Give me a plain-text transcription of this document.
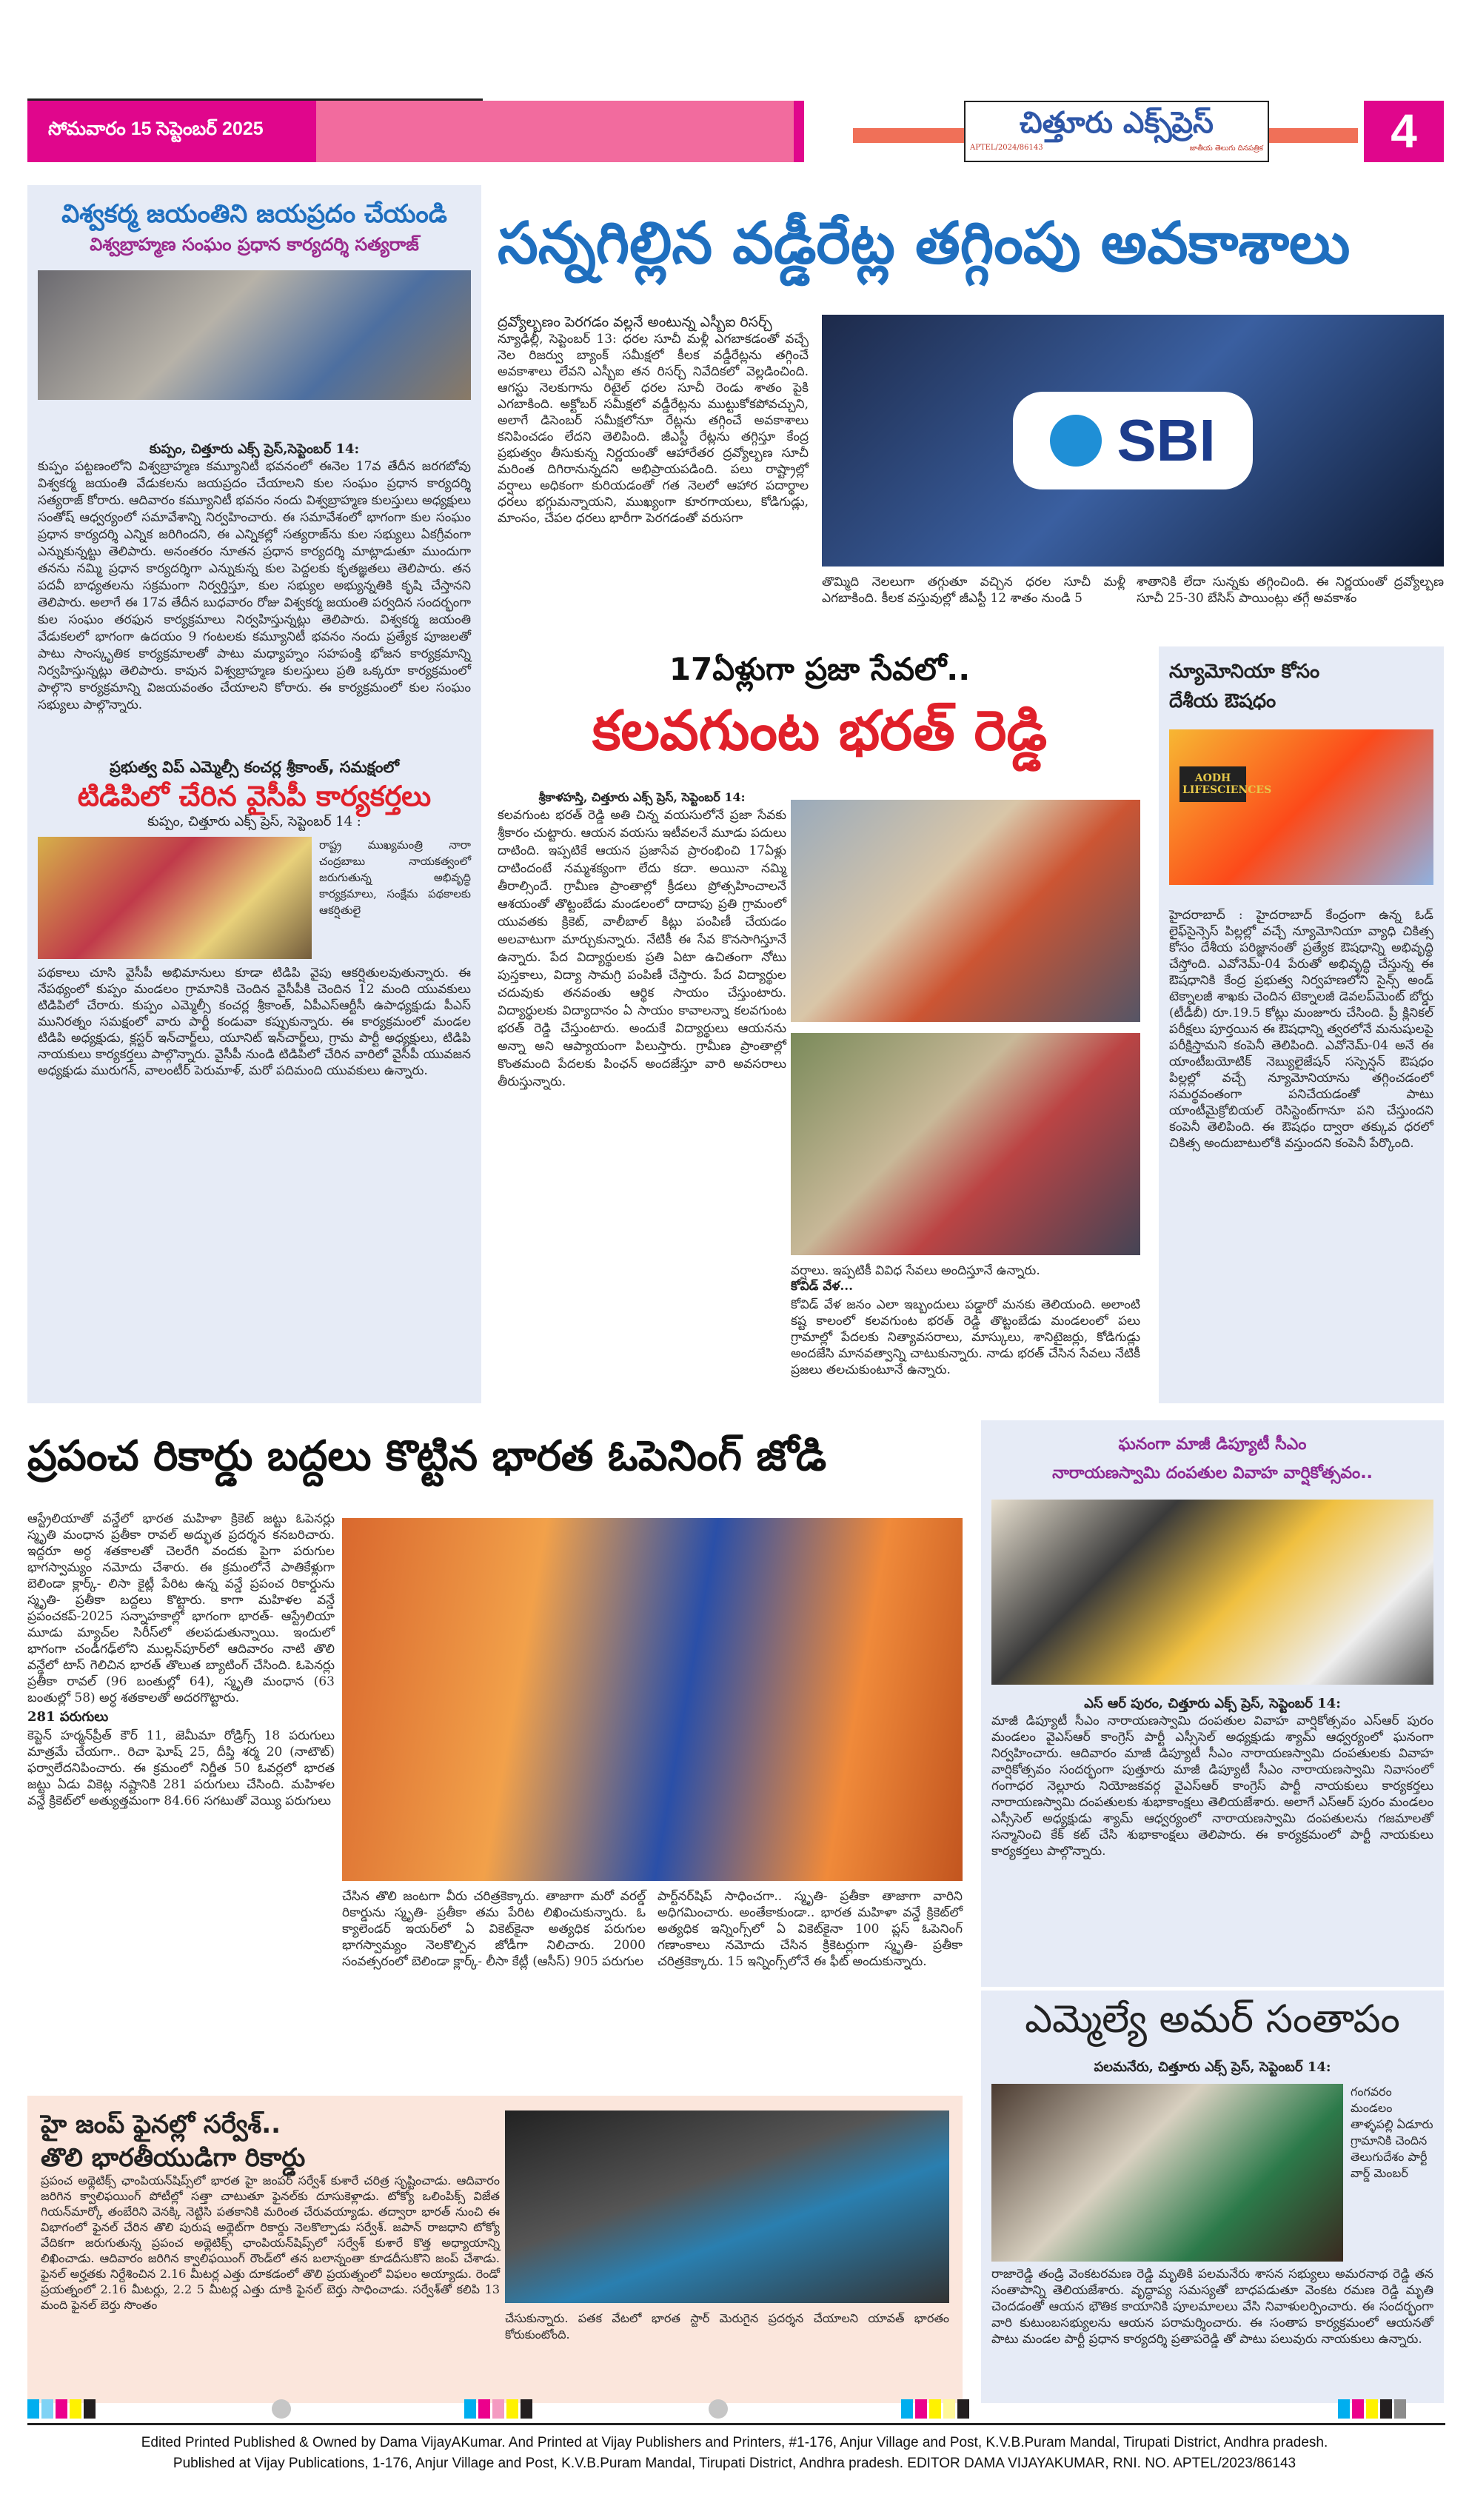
సోమవారం 15 సెప్టెంబర్ 2025	చిత్తూరు ఎక్స్‌ప్రెస్
APTEL/2024/86143	జాతీయ తెలుగు దినపత్రిక	4
విశ్వకర్మ జయంతిని జయప్రదం చేయండి
విశ్వబ్రాహ్మణ సంఘం ప్రధాన కార్యదర్శి సత్యరాజ్
కుప్పం, చిత్తూరు ఎక్స్ ప్రెస్,సెప్టెంబర్ 14:
కుప్పం పట్టణంలోని విశ్వబ్రాహ్మణ కమ్యూనిటీ భవనంలో ఈనెల 17వ తేదీన జరగబోవు విశ్వకర్మ జయంతి వేడుకలను జయప్రదం చేయాలని కుల సంఘం ప్రధాన కార్యదర్శి సత్యరాజ్ కోరారు. ఆదివారం కమ్యూనిటీ భవనం నందు విశ్వబ్రాహ్మణ కులస్తులు అధ్యక్షులు సంతోష్ ఆధ్వర్యంలో సమావేశాన్ని నిర్వహించారు. ఈ సమావేశంలో భాగంగా కుల సంఘం ప్రధాన కార్యదర్శి ఎన్నిక జరిగిందని, ఈ ఎన్నికల్లో సత్యరాజ్‌ను కుల సభ్యులు ఏకగ్రీవంగా ఎన్నుకున్నట్టు తెలిపారు. అనంతరం నూతన ప్రధాన కార్యదర్శి మాట్లాడుతూ ముందుగా తనను నమ్మి ప్రధాన కార్యదర్శిగా ఎన్నుకున్న కుల పెద్దలకు కృతజ్ఞతలు తెలిపారు. తన పదవీ బాధ్యతలను సక్రమంగా నిర్వర్తిస్తూ, కుల సభ్యుల అభ్యున్నతికి కృషి చేస్తానని తెలిపారు. అలాగే ఈ 17వ తేదీన బుధవారం రోజు విశ్వకర్మ జయంతి పర్వదిన సందర్భంగా కుల సంఘం తరఫున కార్యక్రమాలు నిర్వహిస్తున్నట్లు తెలిపారు. విశ్వకర్మ జయంతి వేడుకలలో భాగంగా ఉదయం 9 గంటలకు కమ్యూనిటీ భవనం నందు ప్రత్యేక పూజలతో పాటు సాంస్కృతిక కార్యక్రమాలతో పాటు మధ్యాహ్నం సహపంక్తి భోజన కార్యక్రమాన్ని నిర్వహిస్తున్నట్లు తెలిపారు. కావున విశ్వబ్రాహ్మణ కులస్తులు ప్రతి ఒక్కరూ కార్యక్రమంలో పాల్గొని కార్యక్రమాన్ని విజయవంతం చేయాలని కోరారు. ఈ కార్యక్రమంలో కుల సంఘం సభ్యులు పాల్గొన్నారు.
ప్రభుత్వ విప్ ఎమ్మెల్సీ కంచర్ల శ్రీకాంత్, సమక్షంలో
టిడిపిలో చేరిన వైసీపీ కార్యకర్తలు
కుప్పం, చిత్తూరు ఎక్స్ ప్రెస్, సెప్టెంబర్ 14 :
రాష్ట్ర ముఖ్యమంత్రి నారా చంద్రబాబు నాయకత్వంలో జరుగుతున్న అభివృద్ధి కార్యక్రమాలు, సంక్షేమ పథకాలకు ఆకర్షితులై
పథకాలు చూసి వైసీపీ అభిమానులు కూడా టిడిపి వైపు ఆకర్షితులవుతున్నారు. ఈ నేపథ్యంలో కుప్పం మండలం గ్రామానికి చెందిన వైసీపీకి చెందిన 12 మంది యువకులు టిడిపిలో చేరారు. కుప్పం ఎమ్మెల్సీ కంచర్ల శ్రీకాంత్, ఏపీఎస్ఆర్టీసీ ఉపాధ్యక్షుడు పీఎస్ మునిరత్నం సమక్షంలో వారు పార్టీ కండువా కప్పుకున్నారు. ఈ కార్యక్రమంలో మండల టిడిపి అధ్యక్షుడు, క్లస్టర్ ఇన్‌చార్జ్‌లు, యూనిట్ ఇన్‌చార్జ్‌లు, గ్రామ పార్టీ అధ్యక్షులు, టిడిపి నాయకులు కార్యకర్తలు పాల్గొన్నారు. వైసీపీ నుండి టిడిపిలో చేరిన వారిలో వైసీపీ యువజన అధ్యక్షుడు మురుగన్, వాలంటీర్ పెరుమాళ్, మరో పదిమంది యువకులు ఉన్నారు.
సన్నగిల్లిన వడ్డీరేట్ల తగ్గింపు అవకాశాలు
ద్రవ్యోల్బణం పెరగడం వల్లనే అంటున్న ఎస్బీఐ రిసర్చ్
న్యూఢిల్లీ, సెప్టెంబర్ 13: ధరల సూచీ మళ్లీ ఎగబాకడంతో వచ్చే నెల రిజర్వు బ్యాంక్ సమీక్షలో కీలక వడ్డీరేట్లను తగ్గించే అవకాశాలు లేవని ఎస్బీఐ తన రిసర్చ్ నివేదికలో వెల్లడించింది. ఆగస్టు నెలకుగాను రిటైల్ ధరల సూచీ రెండు శాతం పైకి ఎగబాకింది. అక్టోబర్ సమీక్షలో వడ్డీరేట్లను ముట్టుకోకపోవచ్చుని, అలాగే డిసెంబర్ సమీక్షలోనూ రేట్లను తగ్గించే అవకాశాలు కనిపించడం లేదని తెలిపింది. జీఎస్టీ రేట్లను తగ్గిస్తూ కేంద్ర ప్రభుత్వం తీసుకున్న నిర్ణయంతో ఆహారేతర ద్రవ్యోల్బణ సూచీ మరింత దిగిరానున్నదని అభిప్రాయపడింది. పలు రాష్ట్రాల్లో వర్షాలు అధికంగా కురియడంతో గత నెలలో ఆహార పదార్థాల ధరలు భగ్గుమన్నాయని, ముఖ్యంగా కూరగాయలు, కోడిగుడ్లు, మాంసం, చేపల ధరలు భారీగా పెరగడంతో వరుసగా
SBI
తొమ్మిది నెలలుగా తగ్గుతూ వచ్చిన ధరల సూచీ మళ్లీ ఎగబాకింది. కీలక వస్తువుల్లో జీఎస్టీ 12 శాతం నుండి 5
శాతానికి లేదా సున్నకు తగ్గించింది. ఈ నిర్ణయంతో ద్రవ్యోల్బణ సూచీ 25-30 బేసిస్ పాయింట్లు తగ్గే అవకాశం
17ఏళ్లుగా ప్రజా సేవలో..
కలవగుంట భరత్ రెడ్డి
శ్రీకాళహస్తి, చిత్తూరు ఎక్స్ ప్రెస్, సెప్టెంబర్ 14:
కలవగుంట భరత్ రెడ్డి అతి చిన్న వయసులోనే ప్రజా సేవకు శ్రీకారం చుట్టారు. ఆయన వయసు ఇటీవలనే మూడు పదులు దాటింది. ఇప్పటికే ఆయన ప్రజాసేవ ప్రారంభించి 17ఏళ్లు దాటిందంటే నమ్మశక్యంగా లేదు కదా. అయినా నమ్మి తీరాల్సిందే. గ్రామీణ ప్రాంతాల్లో క్రీడలు ప్రోత్సహించాలనే ఆశయంతో తొట్టంబేడు మండలంలో దాదాపు ప్రతి గ్రామంలో యువతకు క్రికెట్, వాలీబాల్ కిట్లు పంపిణీ చేయడం అలవాటుగా మార్చుకున్నారు. నేటికీ ఈ సేవ కొనసాగిస్తూనే ఉన్నారు. పేద విద్యార్థులకు ప్రతి ఏటా ఉచితంగా నోటు పుస్తకాలు, విద్యా సామగ్రి పంపిణీ చేస్తారు. పేద విద్యార్థుల చదువుకు తనవంతు ఆర్థిక సాయం చేస్తుంటారు. విద్యార్థులకు విద్యాదానం ఏ సాయం కావాలన్నా కలవగుంట భరత్ రెడ్డి చేస్తుంటారు. అందుకే విద్యార్థులు ఆయనను అన్నా అని ఆప్యాయంగా పిలుస్తారు. గ్రామీణ ప్రాంతాల్లో కొంతమంది పేదలకు పింఛన్ అందజేస్తూ వారి అవసరాలు తీరుస్తున్నారు.
వర్షాలు. ఇప్పటికీ వివిధ సేవలు అందిస్తూనే ఉన్నారు.
కోవిడ్ వేళ...
కోవిడ్ వేళ జనం ఎలా ఇబ్బందులు పడ్డారో మనకు తెలియంది. అలాంటి కష్ట కాలంలో కలవగుంట భరత్ రెడ్డి తొట్టంబేడు మండలంలో పలు గ్రామాల్లో పేదలకు నిత్యావసరాలు, మాస్కులు, శానిటైజర్లు, కోడిగుడ్లు అందజేసి మానవత్వాన్ని చాటుకున్నారు. నాడు భరత్ చేసిన సేవలు నేటికీ ప్రజలు తలచుకుంటూనే ఉన్నారు.
న్యూమోనియా కోసం
దేశీయ ఔషధం
AODH LIFESCIENCES
హైదరాబాద్ : హైదరాబాద్ కేంద్రంగా ఉన్న ఓడ్ లైఫ్‌సైన్సెస్ పిల్లల్లో వచ్చే న్యూమోనియా వ్యాధి చికిత్స కోసం దేశీయ పరిజ్ఞానంతో ప్రత్యేక ఔషధాన్ని అభివృద్ధి చేస్తోంది. ఎవోనెమ్-04 పేరుతో అభివృద్ధి చేస్తున్న ఈ ఔషధానికి కేంద్ర ప్రభుత్వ నిర్వహణలోని సైన్స్ అండ్ టెక్నాలజీ శాఖకు చెందిన టెక్నాలజీ డెవలప్‌మెంట్ బోర్డు (టీడీబీ) రూ.19.5 కోట్లు మంజూరు చేసింది. ప్రీ క్లినికల్ పరీక్షలు పూర్తయిన ఈ ఔషధాన్ని త్వరలోనే మనుషులపై పరీక్షిస్తామని కంపెనీ తెలిపింది. ఎవోనెమ్-04 అనే ఈ యాంటీబయోటిక్ నెబ్యులైజేషన్ సస్పెన్షన్ ఔషధం పిల్లల్లో వచ్చే న్యూమోనియాను తగ్గించడంలో సమర్థవంతంగా పనిచేయడంతో పాటు యాంటీమైక్రోబియల్ రెసిస్టెంట్‌గానూ పని చేస్తుందని కంపెనీ తెలిపింది. ఈ ఔషధం ద్వారా తక్కువ ధరలో చికిత్స అందుబాటులోకి వస్తుందని కంపెనీ పేర్కొంది.
ప్రపంచ రికార్డు బద్దలు కొట్టిన భారత ఓపెనింగ్ జోడి
ఆస్ట్రేలియాతో వన్డేలో భారత మహిళా క్రికెట్ జట్టు ఓపెనర్లు స్మృతి మంధాన ప్రతీకా రావల్ అద్భుత ప్రదర్శన కనబరిచారు. ఇద్దరూ అర్ధ శతకాలతో చెలరేగి వందకు పైగా పరుగుల భాగస్వామ్యం నమోదు చేశారు. ఈ క్రమంలోనే పాతికేళ్లుగా బెలిండా క్లార్క్- లిసా కైట్లీ పేరిట ఉన్న వన్డే ప్రపంచ రికార్డును స్మృతి- ప్రతీకా బద్దలు కొట్టారు. కాగా మహిళల వన్డే ప్రపంచకప్-2025 సన్నాహకాల్లో భాగంగా భారత్- ఆస్ట్రేలియా మూడు మ్యాచ్‌ల సిరీస్‌లో తలపడుతున్నాయి. ఇందులో భాగంగా చండీగఢ్‌లోని ముల్లన్‌పూర్‌లో ఆదివారం నాటి తొలి వన్డేలో టాస్ గెలిచిన భారత్ తొలుత బ్యాటింగ్ చేసింది. ఓపెనర్లు ప్రతీకా రావల్ (96 బంతుల్లో 64), స్మృతి మంధాన (63 బంతుల్లో 58) అర్ధ శతకాలతో అదరగొట్టారు.
281 పరుగులు
కెప్టెన్ హర్మన్‌ప్రీత్ కౌర్ 11, జెమీమా రోడ్రిగ్స్ 18 పరుగులు మాత్రమే చేయగా.. రిచా ఘోష్ 25, దీప్తి శర్మ 20 (నాటౌట్) ఫర్వాలేదనిపించారు. ఈ క్రమంలో నిర్ణీత 50 ఓవర్లలో భారత జట్టు ఏడు వికెట్ల నష్టానికి 281 పరుగులు చేసింది. మహిళల వన్డే క్రికెట్‌లో అత్యుత్తమంగా 84.66 సగటుతో వెయ్యి పరుగులు
చేసిన తొలి జంటగా వీరు చరిత్రకెక్కారు. తాజాగా మరో వరల్డ్ రికార్డును స్మృతి- ప్రతీకా తమ పేరిట లిఖించుకున్నారు. ఓ క్యాలెండర్ ఇయర్‌లో ఏ వికెట్‌కైనా అత్యధిక పరుగుల భాగస్వామ్యం నెలకొల్పిన జోడీగా నిలిచారు. 2000 సంవత్సరంలో బెలిండా క్లార్క్- లీసా కేట్లీ (ఆసీస్) 905 పరుగుల
పార్ట్‌నర్‌షిప్ సాధించగా.. స్మృతి- ప్రతీకా తాజాగా వారిని అధిగమించారు. అంతేకాకుండా.. భారత మహిళా వన్డే క్రికెట్‌లో అత్యధిక ఇన్నింగ్స్‌లో ఏ వికెట్‌కైనా 100 ప్లస్ ఓపెనింగ్ గణాంకాలు నమోదు చేసిన క్రికెటర్లుగా స్మృతి- ప్రతీకా చరిత్రకెక్కారు. 15 ఇన్నింగ్స్‌లోనే ఈ ఫీట్ అందుకున్నారు.
హై జంప్ ఫైనల్లో సర్వేశ్..
తొలి భారతీయుడిగా రికార్డు
ప్రపంచ అథ్లెటిక్స్ ఛాంపియన్‌షిప్స్‌లో భారత హై జంపర్ సర్వేశ్ కుశారే చరిత్ర సృష్టించాడు. ఆదివారం జరిగిన క్వాలిఫయింగ్ పోటీల్లో సత్తా చాటుతూ ఫైనల్‌కు దూసుకెళ్లాడు. టోక్యో ఒలింపిక్స్ విజేత గియన్‌మార్కో తంబేరిని వెనక్కి నెట్టిసి పతకానికి మరింత చేరువయ్యాడు. తద్వారా భారత్ నుంచి ఈ విభాగంలో ఫైనల్ చేరిన తొలి పురుష అథ్లెట్‌గా రికార్డు నెలకొల్పాడు సర్వేశ్. జపాన్ రాజధాని టోక్యో వేదికగా జరుగుతున్న ప్రపంచ అథ్లెటిక్స్ ఛాంపియన్‌షిప్స్‌లో సర్వేశ్ కుశారే కొత్త అధ్యాయాన్ని లిఖించాడు. ఆదివారం జరిగిన క్వాలిఫయింగ్ రౌండ్‌లో తన బలాన్నంతా కూడదీసుకొని జంప్ చేశాడు. ఫైనల్ అర్హతకు నిర్దేశించిన 2.16 మీటర్ల ఎత్తు దూకడంలో తొలి ప్రయత్నంలో విఫలం అయ్యాడు. రెండో ప్రయత్నంలో 2.16 మీటర్లు, 2.2 5 మీటర్ల ఎత్తు దూకి ఫైనల్ బెర్తు సాధించాడు. సర్వేశ్‌తో కలిపి 13 మంది ఫైనల్ బెర్తు సొంతం
చేసుకున్నారు. పతక వేటలో భారత స్టార్ మెరుగైన ప్రదర్శన చేయాలని యావత్ భారతం కోరుకుంటోంది.
ఘనంగా మాజీ డిప్యూటీ సీఎం
నారాయణస్వామి దంపతుల వివాహ వార్షికోత్సవం..
ఎస్ ఆర్ పురం, చిత్తూరు ఎక్స్ ప్రెస్, సెప్టెంబర్ 14:
మాజీ డిప్యూటీ సీఎం నారాయణస్వామి దంపతుల వివాహ వార్షికోత్సవం ఎస్ఆర్ పురం మండలం వైఎస్ఆర్ కాంగ్రెస్ పార్టీ ఎస్సీసెల్ అధ్యక్షుడు శ్యామ్ ఆధ్వర్యంలో ఘనంగా నిర్వహించారు. ఆదివారం మాజీ డిప్యూటీ సీఎం నారాయణస్వామి దంపతులకు వివాహ వార్షికోత్సవం సందర్భంగా పుత్తూరు మాజీ డిప్యూటీ సీఎం నారాయణస్వామి నివాసంలో గంగాధర నెల్లూరు నియోజకవర్గ వైఎస్ఆర్ కాంగ్రెస్ పార్టీ నాయకులు కార్యకర్తలు నారాయణస్వామి దంపతులకు శుభాకాంక్షలు తెలియజేశారు. అలాగే ఎస్ఆర్ పురం మండలం ఎస్సీసెల్ అధ్యక్షుడు శ్యామ్ ఆధ్వర్యంలో నారాయణస్వామి దంపతులను గజమాలతో సన్మానించి కేక్ కట్ చేసి శుభాకాంక్షలు తెలిపారు. ఈ కార్యక్రమంలో పార్టీ నాయకులు కార్యకర్తలు పాల్గొన్నారు.
ఎమ్మెల్యే అమర్ సంతాపం
పలమనేరు, చిత్తూరు ఎక్స్ ప్రెస్, సెప్టెంబర్ 14:
గంగవరం మండలం తాళ్ళపల్లి ఏడూరు గ్రామానికి చెందిన తెలుగుదేశం పార్టీ వార్డ్ మెంబర్
రాజారెడ్డి తండ్రి వెంకటరమణ రెడ్డి మృతికి పలమనేరు శాసన సభ్యులు అమరనాథ రెడ్డి తన సంతాపాన్ని తెలియజేశారు. వృద్ధాప్య సమస్యతో బాధపడుతూ వెంకట రమణ రెడ్డి మృతి చెందడంతో ఆయన భౌతిక కాయానికి పూలమాలలు వేసి నివాళులర్పించారు. ఈ సందర్భంగా వారి కుటుంబసభ్యులను ఆయన పరామర్శించారు. ఈ సంతాప కార్యక్రమంలో ఆయనతో పాటు మండల పార్టీ ప్రధాన కార్యదర్శి ప్రతాపరెడ్డి తో పాటు పలువురు నాయకులు ఉన్నారు.
Edited Printed Published & Owned by Dama VijayAKumar. And Printed at Vijay Publishers and Printers, #1-176, Anjur Village and Post, K.V.B.Puram Mandal, Tirupati District, Andhra pradesh.
Published at Vijay Publications, 1-176, Anjur Village and Post, K.V.B.Puram Mandal, Tirupati District, Andhra pradesh. EDITOR DAMA VIJAYAKUMAR, RNI. NO. APTEL/2023/86143
